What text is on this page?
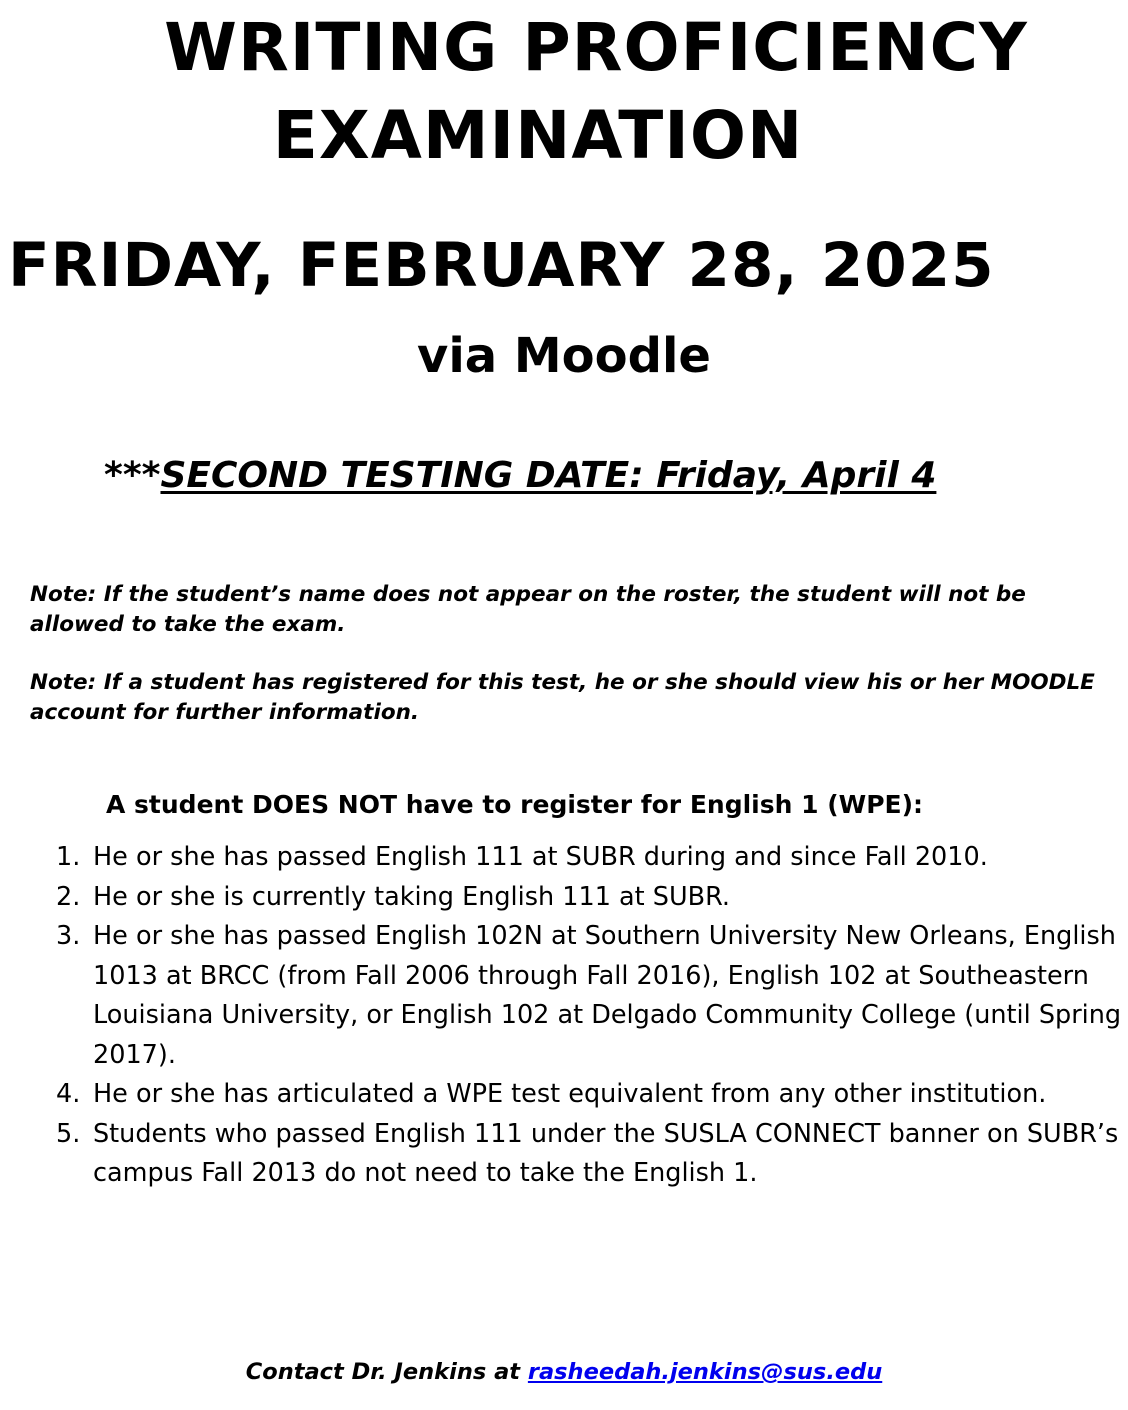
WRITING PROFICIENCY
EXAMINATION
FRIDAY, FEBRUARY 28, 2025
via Moodle
***SECOND TESTING DATE: Friday, April 4
Note: If the student’s name does not appear on the roster, the student will not be allowed to take the exam.
Note: If a student has registered for this test, he or she should view his or her MOODLE account for further information.
A student DOES NOT have to register for English 1 (WPE):
1. He or she has passed English 111 at SUBR during and since Fall 2010.
2. He or she is currently taking English 111 at SUBR.
3. He or she has passed English 102N at Southern University New Orleans, English 1013 at BRCC (from Fall 2006 through Fall 2016), English 102 at Southeastern Louisiana University, or English 102 at Delgado Community College (until Spring 2017).
4. He or she has articulated a WPE test equivalent from any other institution.
5. Students who passed English 111 under the SUSLA CONNECT banner on SUBR’s campus Fall 2013 do not need to take the English 1.
Contact Dr. Jenkins at rasheedah.jenkins@sus.edu
